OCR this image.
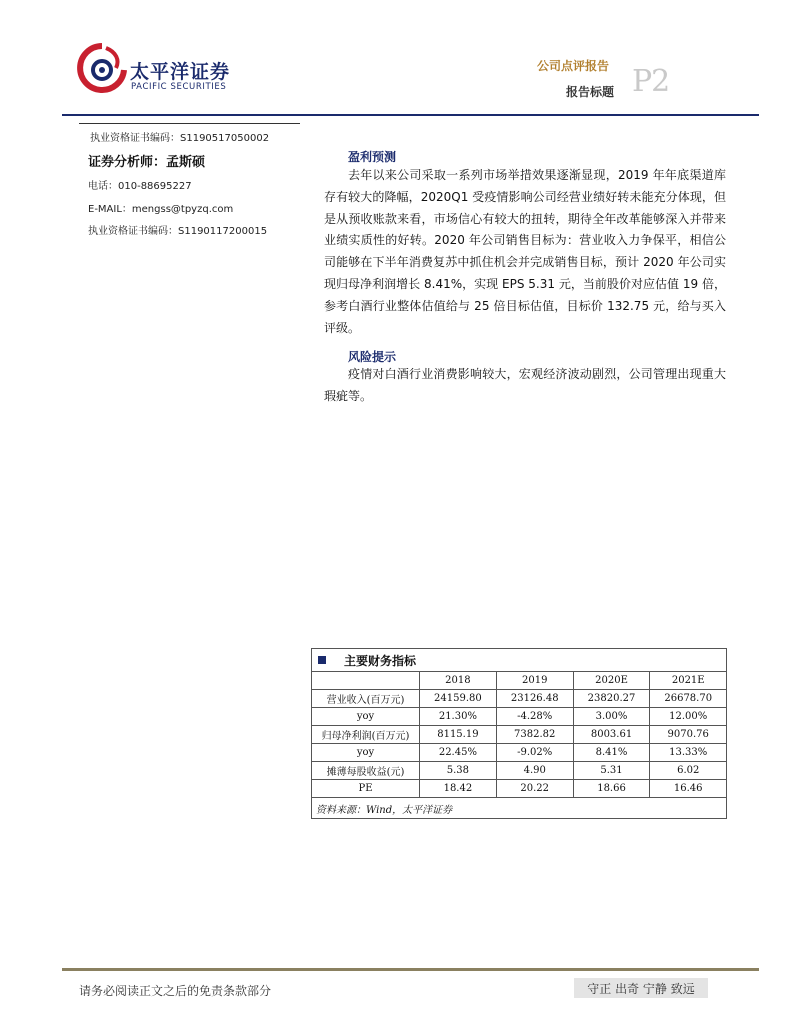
太平洋证券
PACIFIC SECURITIES
公司点评报告
报告标题 P2
执业资格证书编码：S1190517050002
证券分析师：孟斯硕
电话：010-88695227
E-MAIL：mengss@tpyzq.com
执业资格证书编码：S1190117200015
盈利预测
去年以来公司采取一系列市场举措效果逐渐显现，2019 年年底渠道库存有较大的降幅，2020Q1 受疫情影响公司经营业绩好转未能充分体现，但是从预收账款来看，市场信心有较大的扭转，期待全年改革能够深入并带来业绩实质性的好转。2020 年公司销售目标为：营业收入力争保平，相信公司能够在下半年消费复苏中抓住机会并完成销售目标，预计 2020 年公司实现归母净利润增长 8.41%，实现 EPS 5.31 元，当前股价对应估值 19 倍，参考白酒行业整体估值给与 25 倍目标估值，目标价 132.75 元，给与买入评级。
风险提示
疫情对白酒行业消费影响较大，宏观经济波动剧烈，公司管理出现重大瑕疵等。
主要财务指标
	2018	2019	2020E	2021E
营业收入(百万元)	24159.80	23126.48	23820.27	26678.70
yoy	21.30%	-4.28%	3.00%	12.00%
归母净利润(百万元)	8115.19	7382.82	8003.61	9070.76
yoy	22.45%	-9.02%	8.41%	13.33%
摊薄每股收益(元)	5.38	4.90	5.31	6.02
PE	18.42	20.22	18.66	16.46
资料来源：Wind，太平洋证券
请务必阅读正文之后的免责条款部分	守正 出奇 宁静 致远
